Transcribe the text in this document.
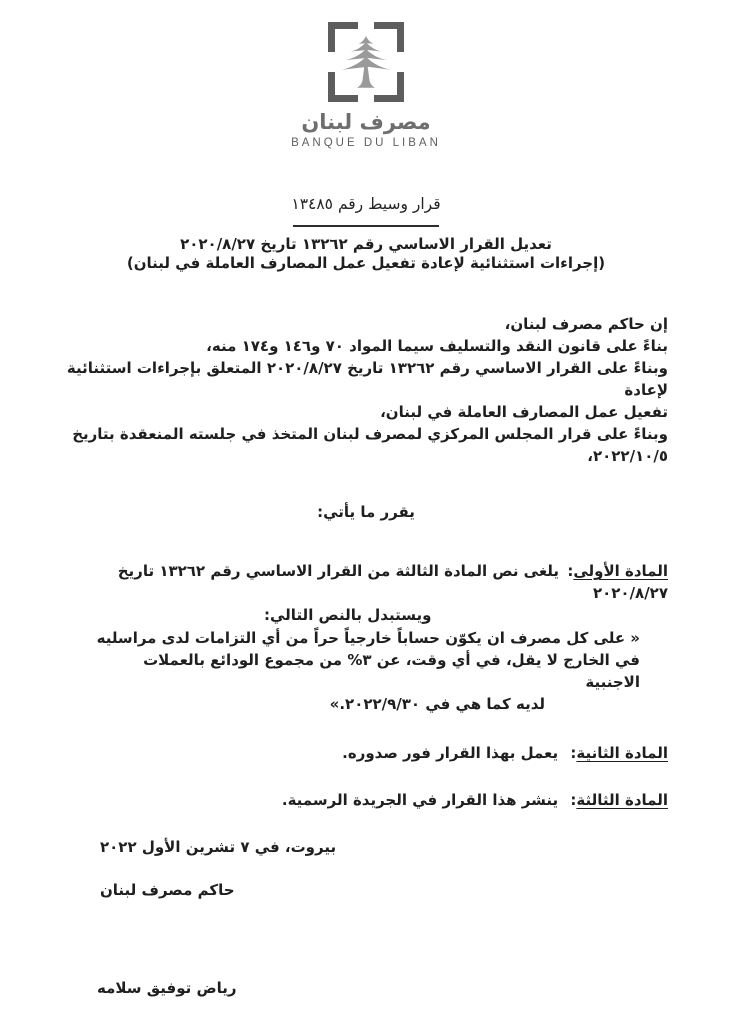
مصرف لبنان
BANQUE DU LIBAN
قرار وسيط رقم ١٣٤٨٥
تعديل القرار الاساسي رقم ١٣٢٦٢ تاريخ ٢٠٢٠/٨/٢٧
(إجراءات استثنائية لإعادة تفعيل عمل المصارف العاملة في لبنان)
إن حاكم مصرف لبنان،
بناءً على قانون النقد والتسليف سيما المواد ٧٠ و١٤٦ و١٧٤ منه،
وبناءً على القرار الاساسي رقم ١٣٢٦٢ تاريخ ٢٠٢٠/٨/٢٧ المتعلق بإجراءات استثنائية لإعادة
تفعيل عمل المصارف العاملة في لبنان،
وبناءً على قرار المجلس المركزي لمصرف لبنان المتخذ في جلسته المنعقدة بتاريخ ٢٠٢٢/١٠/٥،
يقرر ما يأتي:
المادة الأولى: يلغى نص المادة الثالثة من القرار الاساسي رقم ١٣٢٦٢ تاريخ ٢٠٢٠/٨/٢٧
ويستبدل بالنص التالي:
« على كل مصرف ان يكوّن حساباً خارجياً حراً من أي التزامات لدى مراسليه
في الخارج لا يقل، في أي وقت، عن ٣% من مجموع الودائع بالعملات الاجنبية
لديه كما هي في ٢٠٢٢/٩/٣٠.»
المادة الثانية: يعمل بهذا القرار فور صدوره.
المادة الثالثة: ينشر هذا القرار في الجريدة الرسمية.
بيروت، في ٧ تشرين الأول ٢٠٢٢
حاكم مصرف لبنان
رياض توفيق سلامه
